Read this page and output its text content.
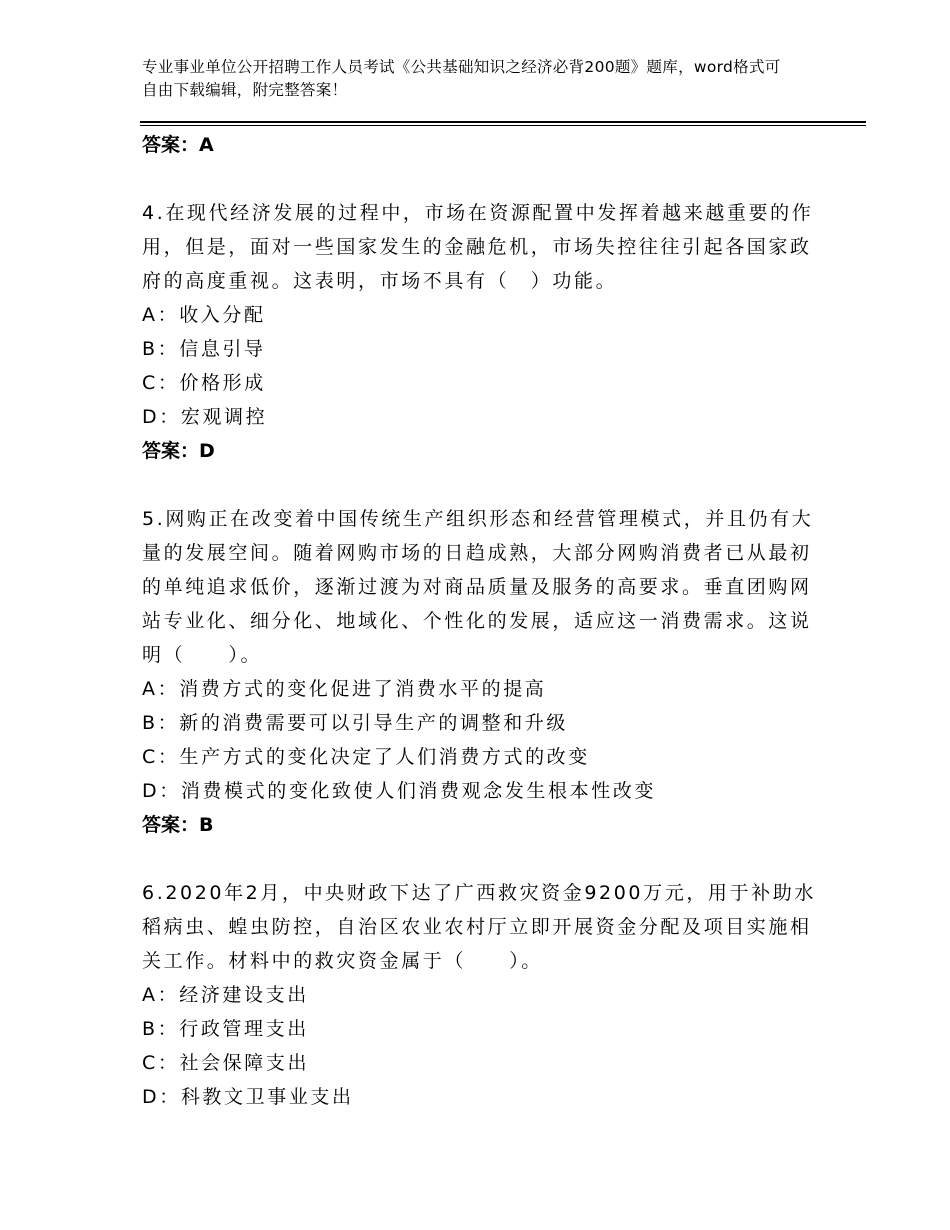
专业事业单位公开招聘工作人员考试《公共基础知识之经济必背200题》题库，word格式可自由下载编辑，附完整答案！
答案：A
4.在现代经济发展的过程中，市场在资源配置中发挥着越来越重要的作用，但是，面对一些国家发生的金融危机，市场失控往往引起各国家政府的高度重视。这表明，市场不具有（　）功能。
A：收入分配
B：信息引导
C：价格形成
D：宏观调控
答案：D
5.网购正在改变着中国传统生产组织形态和经营管理模式，并且仍有大量的发展空间。随着网购市场的日趋成熟，大部分网购消费者已从最初的单纯追求低价，逐渐过渡为对商品质量及服务的高要求。垂直团购网站专业化、细分化、地域化、个性化的发展，适应这一消费需求。这说明（　　）。
A：消费方式的变化促进了消费水平的提高
B：新的消费需要可以引导生产的调整和升级
C：生产方式的变化决定了人们消费方式的改变
D：消费模式的变化致使人们消费观念发生根本性改变
答案：B
6.2020年2月，中央财政下达了广西救灾资金9200万元，用于补助水稻病虫、蝗虫防控，自治区农业农村厅立即开展资金分配及项目实施相关工作。材料中的救灾资金属于（　　）。
A：经济建设支出
B：行政管理支出
C：社会保障支出
D：科教文卫事业支出
